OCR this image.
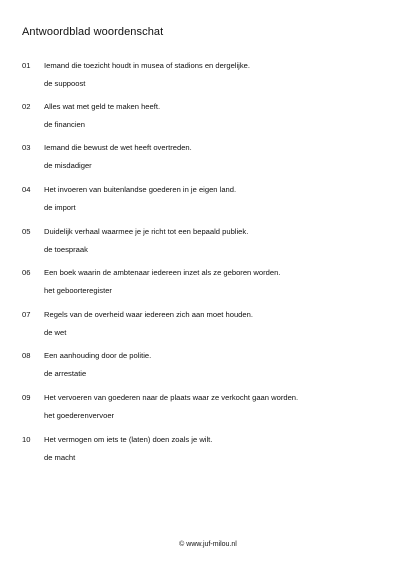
Antwoordblad woordenschat
01 Iemand die toezicht houdt in musea of stadions en dergelijke.
de suppoost
02 Alles wat met geld te maken heeft.
de financien
03 Iemand die bewust de wet heeft overtreden.
de misdadiger
04 Het invoeren van buitenlandse goederen in je eigen land.
de import
05 Duidelijk verhaal waarmee je je richt tot een bepaald publiek.
de toespraak
06 Een boek waarin de ambtenaar iedereen inzet als ze geboren worden.
het geboorteregister
07 Regels van de overheid waar iedereen zich aan moet houden.
de wet
08 Een aanhouding door de politie.
de arrestatie
09 Het vervoeren van goederen naar de plaats waar ze verkocht gaan worden.
het goederenvervoer
10 Het vermogen om iets te (laten) doen zoals je wilt.
de macht
© www.juf-milou.nl
